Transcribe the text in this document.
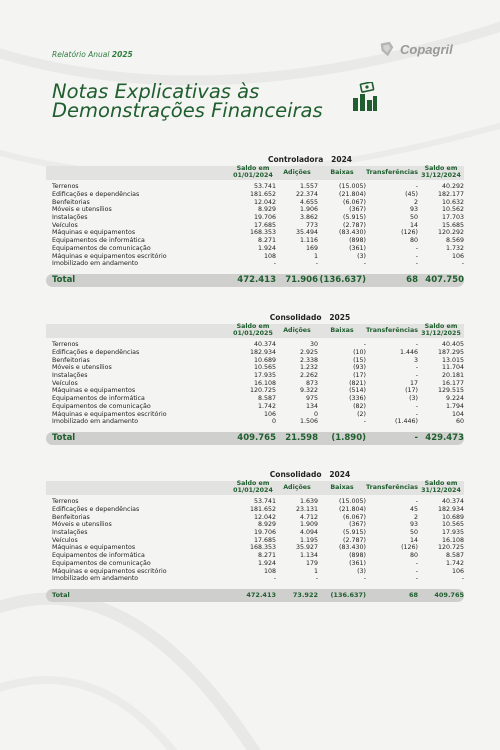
Relatório Anual 2025	Copagril
Notas Explicativas às
Demonstrações Financeiras
Controladora 2024
Saldo em 01/01/2024	Adições	Baixas	Transferências	Saldo em 31/12/2024
Terrenos	53.741	1.557	(15.005)	-	40.292
Edificações e dependências	181.652	22.374	(21.804)	(45)	182.177
Benfeitorias	12.042	4.655	(6.067)	2	10.632
Móveis e utensílios	8.929	1.906	(367)	93	10.562
Instalações	19.706	3.862	(5.915)	50	17.703
Veículos	17.685	773	(2.787)	14	15.685
Máquinas e equipamentos	168.353	35.494	(83.430)	(126)	120.292
Equipamentos de informática	8.271	1.116	(898)	80	8.569
Equipamentos de comunicação	1.924	169	(361)	-	1.732
Máquinas e equipamentos escritório	108	1	(3)	-	106
Imobilizado em andamento	-	-	-	-	-
Total	472.413	71.906 (136.637)	68 407.750
Consolidado 2025
Saldo em 01/01/2025	Adições	Baixas	Transferências	Saldo em 31/12/2025
Terrenos	40.374	30	-	-	40.405
Edificações e dependências	182.934	2.925	(10)	1.446	187.295
Benfeitorias	10.689	2.338	(15)	3	13.015
Móveis e utensílios	10.565	1.232	(93)	-	11.704
Instalações	17.935	2.262	(17)	-	20.181
Veículos	16.108	873	(821)	17	16.177
Máquinas e equipamentos	120.725	9.322	(514)	(17)	129.515
Equipamentos de informática	8.587	975	(336)	(3)	9.224
Equipamentos de comunicação	1.742	134	(82)	-	1.794
Máquinas e equipamentos escritório	106	0	(2)	-	104
Imobilizado em andamento	0	1.506	-	(1.446)	60
Total	409.765	21.598	(1.890)	- 429.473
Consolidado 2024
Saldo em 01/01/2024	Adições	Baixas	Transferências	Saldo em 31/12/2024
Terrenos	53.741	1.639	(15.005)	-	40.374
Edificações e dependências	181.652	23.131	(21.804)	45	182.934
Benfeitorias	12.042	4.712	(6.067)	2	10.689
Móveis e utensílios	8.929	1.909	(367)	93	10.565
Instalações	19.706	4.094	(5.915)	50	17.935
Veículos	17.685	1.195	(2.787)	14	16.108
Máquinas e equipamentos	168.353	35.927	(83.430)	(126)	120.725
Equipamentos de informática	8.271	1.134	(898)	80	8.587
Equipamentos de comunicação	1.924	179	(361)	-	1.742
Máquinas e equipamentos escritório	108	1	(3)	-	106
Imobilizado em andamento	-	-	-	-	-
Total	472.413	73.922	(136.637)	68	409.765
